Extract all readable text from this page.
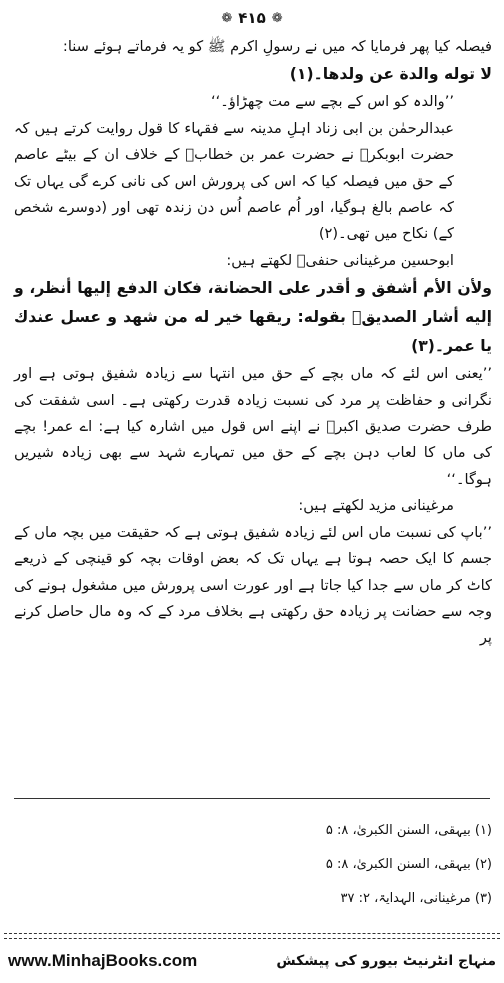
❁ ۴۱۵ ❁

فیصلہ کیا پھر فرمایا کہ میں نے رسولِ اکرم ﷺ کو یہ فرماتے ہوئے سنا:

لا توله والدة عن ولدها۔(۱)

’’والدہ کو اس کے بچے سے مت چھڑاؤ۔‘‘

عبدالرحمٰن بن ابی زناد اہلِ مدینہ سے فقہاء کا قول روایت کرتے ہیں کہ حضرت ابوبکرؓ نے حضرت عمر بن خطابؓ کے خلاف ان کے بیٹے عاصم کے حق میں فیصلہ کیا کہ اس کی پرورش اس کی نانی کرے گی یہاں تک کہ عاصم بالغ ہوگیا، اور اُم عاصم اُس دن زندہ تھی اور (دوسرے شخص کے) نکاح میں تھی۔(۲)

ابوحسین مرغینانی حنفیؒ لکھتے ہیں:

ولأن الأم أشفق و أقدر على الحضانة، فكان الدفع إليها أنظر، و إليه أشار الصديقؓ بقوله: ريقها خير له من شهد و عسل عندك يا عمر۔(۳)

’’یعنی اس لئے کہ ماں بچے کے حق میں انتہا سے زیادہ شفیق ہوتی ہے اور نگرانی و حفاظت پر مرد کی نسبت زیادہ قدرت رکھتی ہے۔ اسی شفقت کی طرف حضرت صدیق اکبرؓ نے اپنے اس قول میں اشارہ کیا ہے: اے عمر! بچے کی ماں کا لعاب دہن بچے کے حق میں تمہارے شہد سے بھی زیادہ شیریں ہوگا۔‘‘

مرغینانی مزید لکھتے ہیں:

’’باپ کی نسبت ماں اس لئے زیادہ شفیق ہوتی ہے کہ حقیقت میں بچہ ماں کے جسم کا ایک حصہ ہوتا ہے یہاں تک کہ بعض اوقات بچہ کو قینچی کے ذریعے کاٹ کر ماں سے جدا کیا جاتا ہے اور عورت اسی پرورش میں مشغول ہونے کی وجہ سے حضانت پر زیادہ حق رکھتی ہے بخلاف مرد کے کہ وہ مال حاصل کرنے پر

(۱) بیہقی، السنن الکبریٰ، ۸: ۵

(۲) بیہقی، السنن الکبریٰ، ۸: ۵

(۳) مرغینانی، الہدایۃ، ۲: ۳۷

www.MinhajBooks.com	منہاج انٹرنیٹ بیورو کی پیشکش
